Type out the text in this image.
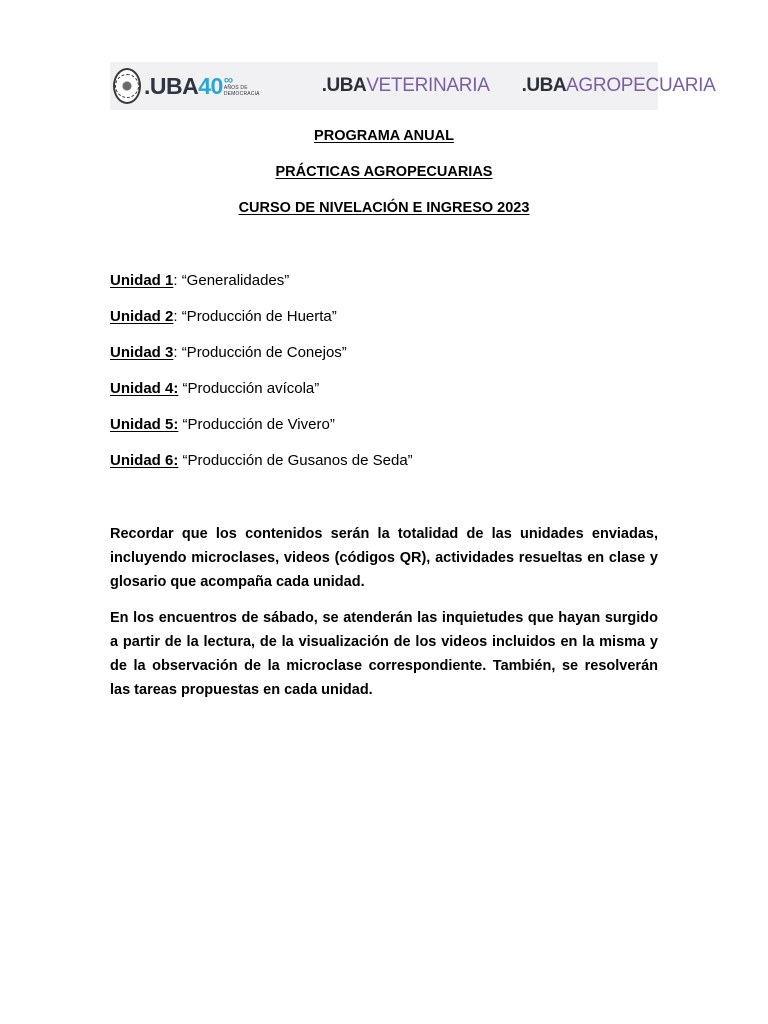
.UBA 40 ∞
AÑOS DE
DEMOCRACIA	.UBA VETERINARIA .UBA AGROPECUARIA
PROGRAMA ANUAL
PRÁCTICAS AGROPECUARIAS
CURSO DE NIVELACIÓN E INGRESO 2023
Unidad 1: “Generalidades”
Unidad 2: “Producción de Huerta”
Unidad 3: “Producción de Conejos”
Unidad 4: “Producción avícola”
Unidad 5: “Producción de Vivero”
Unidad 6: “Producción de Gusanos de Seda”

Recordar que los contenidos serán la totalidad de las unidades enviadas, incluyendo microclases, videos (códigos QR), actividades resueltas en clase y glosario que acompaña cada unidad.

En los encuentros de sábado, se atenderán las inquietudes que hayan surgido a partir de la lectura, de la visualización de los videos incluidos en la misma y de la observación de la microclase correspondiente. También, se resolverán las tareas propuestas en cada unidad.
